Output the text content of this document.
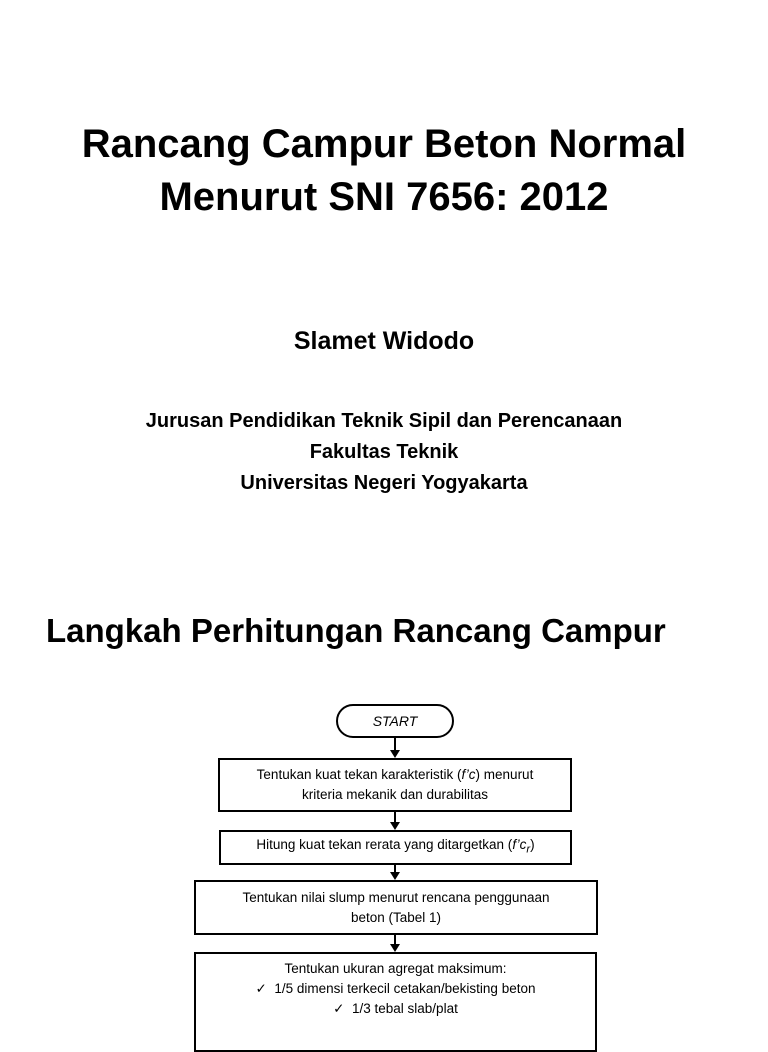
Rancang Campur Beton Normal
Menurut SNI 7656: 2012
Slamet Widodo
Jurusan Pendidikan Teknik Sipil dan Perencanaan
Fakultas Teknik
Universitas Negeri Yogyakarta
Langkah Perhitungan Rancang Campur
START
Tentukan kuat tekan karakteristik (f’c) menurut
kriteria mekanik dan durabilitas
Hitung kuat tekan rerata yang ditargetkan $(f’c_r)$
Tentukan nilai slump menurut rencana penggunaan
beton (Tabel 1)
Tentukan ukuran agregat maksimum:
✓ 1/5 dimensi terkecil cetakan/bekisting beton
✓ 1/3 tebal slab/plat
